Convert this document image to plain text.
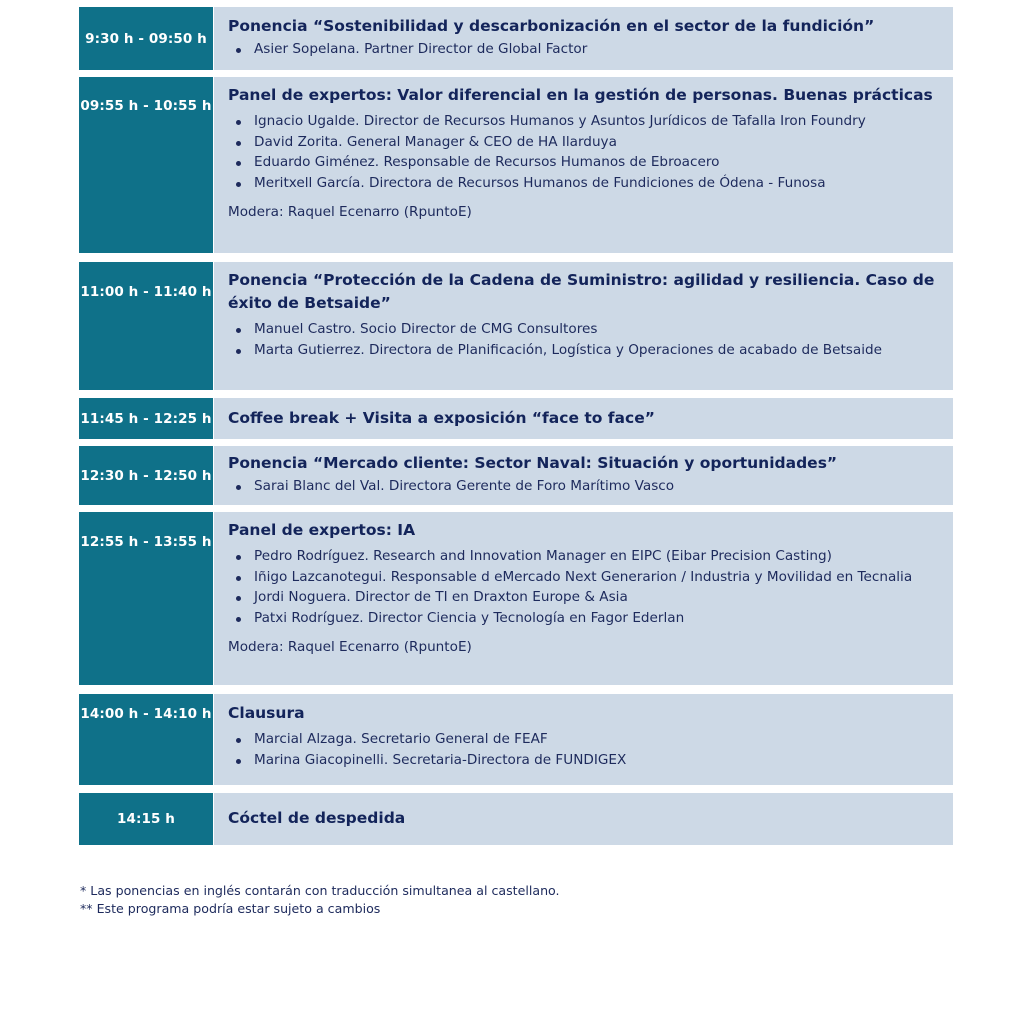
9:30 h - 09:50 h

Ponencia “Sostenibilidad y descarbonización en el sector de la fundición”

Asier Sopelana. Partner Director de Global Factor
09:55 h - 10:55 h

Panel de expertos: Valor diferencial en la gestión de personas. Buenas prácticas

Ignacio Ugalde. Director de Recursos Humanos y Asuntos Jurídicos de Tafalla Iron Foundry
David Zorita. General Manager & CEO de HA Ilarduya
Eduardo Giménez. Responsable de Recursos Humanos de Ebroacero
Meritxell García. Directora de Recursos Humanos de Fundiciones de Ódena - Funosa
Modera: Raquel Ecenarro (RpuntoE)
11:00 h - 11:40 h

Ponencia “Protección de la Cadena de Suministro: agilidad y resiliencia. Caso de éxito de Betsaide”

Manuel Castro. Socio Director de CMG Consultores
Marta Gutierrez. Directora de Planificación, Logística y Operaciones de acabado de Betsaide
11:45 h - 12:25 h Coffee break + Visita a exposición “face to face”

12:30 h - 12:50 h

Ponencia “Mercado cliente: Sector Naval: Situación y oportunidades”

Sarai Blanc del Val. Directora Gerente de Foro Marítimo Vasco
12:55 h - 13:55 h

Panel de expertos: IA

Pedro Rodríguez. Research and Innovation Manager en EIPC (Eibar Precision Casting)
Iñigo Lazcanotegui. Responsable d eMercado Next Generarion / Industria y Movilidad en Tecnalia
Jordi Noguera. Director de TI en Draxton Europe & Asia
Patxi Rodríguez. Director Ciencia y Tecnología en Fagor Ederlan
Modera: Raquel Ecenarro (RpuntoE)
14:00 h - 14:10 h Clausura

Marcial Alzaga. Secretario General de FEAF
Marina Giacopinelli. Secretaria-Directora de FUNDIGEX
14:15 h	Cóctel de despedida

* Las ponencias en inglés contarán con traducción simultanea al castellano.
** Este programa podría estar sujeto a cambios
